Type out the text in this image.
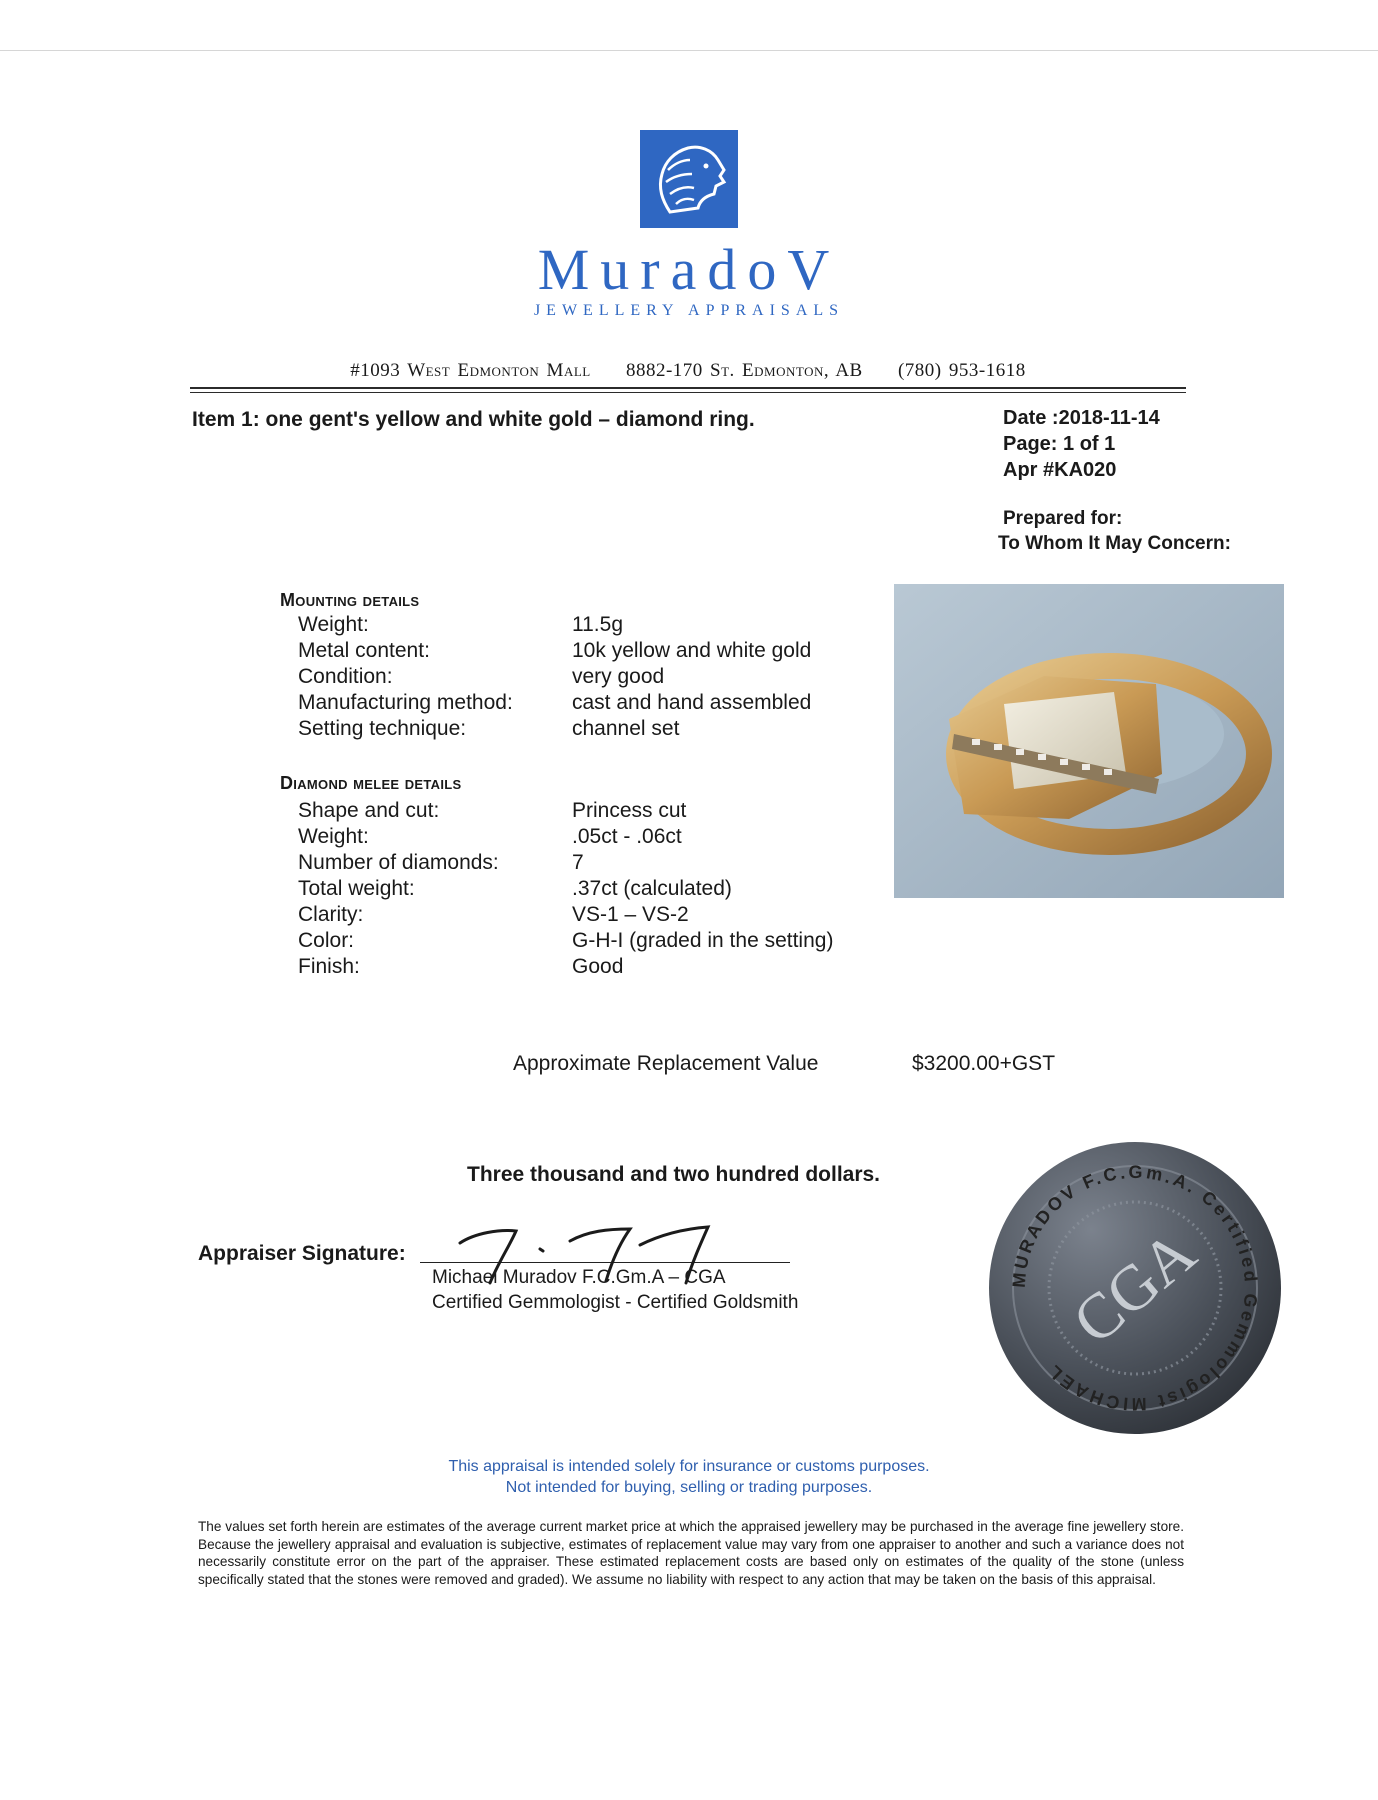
MuradoV
JEWELLERY APPRAISALS
#1093 West Edmonton Mall 8882-170 St. Edmonton, AB (780) 953-1618
Item 1: one gent's yellow and white gold – diamond ring.	Date :2018-11-14
Page: 1 of 1
Apr #KA020
Prepared for:
To Whom It May Concern:
Mounting details
Weight:	11.5g
Metal content:	10k yellow and white gold
Condition:	very good
Manufacturing method:	cast and hand assembled
Setting technique:	channel set
Diamond melee details
Shape and cut:	Princess cut
Weight:	.05ct - .06ct
Number of diamonds:	7
Total weight:	.37ct (calculated)
Clarity:	VS-1 – VS-2
Color:	G-H-I (graded in the setting)
Finish:	Good
Approximate Replacement Value	$3200.00+GST
Three thousand and two hundred dollars.
Appraiser Signature:
Michael Muradov F.C.Gm.A – CGA
Certified Gemmologist - Certified Goldsmith
MURADOV F.C.Gm.A. Certified Gemmologist MICHAEL
CGA
This appraisal is intended solely for insurance or customs purposes.
Not intended for buying, selling or trading purposes.
The values set forth herein are estimates of the average current market price at which the appraised jewellery may be purchased in the average fine jewellery store. Because the jewellery appraisal and evaluation is subjective, estimates of replacement value may vary from one appraiser to another and such a variance does not necessarily constitute error on the part of the appraiser. These estimated replacement costs are based only on estimates of the quality of the stone (unless specifically stated that the stones were removed and graded). We assume no liability with respect to any action that may be taken on the basis of this appraisal.
